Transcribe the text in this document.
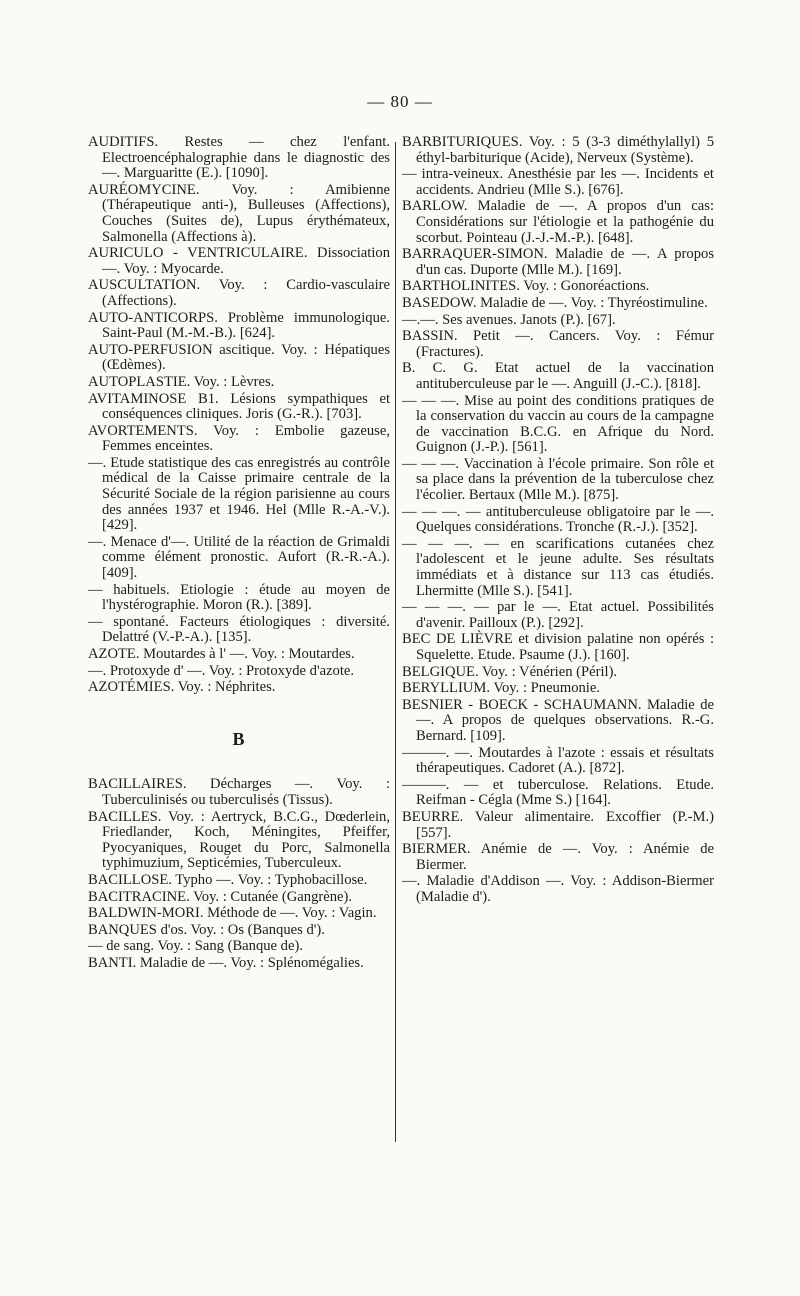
— 80 —
AUDITIFS. Restes — chez l'enfant. Electroencéphalographie dans le diagnostic des —. Marguaritte (E.). [1090].
AURÉOMYCINE. Voy. : Amibienne (Thérapeutique anti-), Bulleuses (Affections), Couches (Suites de), Lupus érythémateux, Salmonella (Affections à).
AURICULO - VENTRICULAIRE. Dissociation —. Voy. : Myocarde.
AUSCULTATION. Voy. : Cardio-vasculaire (Affections).
AUTO-ANTICORPS. Problème immunologique. Saint-Paul (M.-M.-B.). [624].
AUTO-PERFUSION ascitique. Voy. : Hépatiques (Œdèmes).
AUTOPLASTIE. Voy. : Lèvres.
AVITAMINOSE B1. Lésions sympathiques et conséquences cliniques. Joris (G.-R.). [703].
AVORTEMENTS. Voy. : Embolie gazeuse, Femmes enceintes.
—. Etude statistique des cas enregistrés au contrôle médical de la Caisse primaire centrale de la Sécurité Sociale de la région parisienne au cours des années 1937 et 1946. Hel (Mlle R.-A.-V.). [429].
—. Menace d'—. Utilité de la réaction de Grimaldi comme élément pronostic. Aufort (R.-R.-A.). [409].
— habituels. Etiologie : étude au moyen de l'hystérographie. Moron (R.). [389].
— spontané. Facteurs étiologiques : diversité. Delattré (V.-P.-A.). [135].
AZOTE. Moutardes à l' —. Voy. : Moutardes.
—. Protoxyde d' —. Voy. : Protoxyde d'azote.
AZOTÉMIES. Voy. : Néphrites.
B
BACILLAIRES. Décharges —. Voy. : Tuberculinisés ou tuberculisés (Tissus).
BACILLES. Voy. : Aertryck, B.C.G., Dœderlein, Friedlander, Koch, Méningites, Pfeiffer, Pyocyaniques, Rouget du Porc, Salmonella typhimuzium, Septicémies, Tuberculeux.
BACILLOSE. Typho —. Voy. : Typhobacillose.
BACITRACINE. Voy. : Cutanée (Gangrène).
BALDWIN-MORI. Méthode de —. Voy. : Vagin.
BANQUES d'os. Voy. : Os (Banques d').
— de sang. Voy. : Sang (Banque de).
BANTI. Maladie de —. Voy. : Splénomégalies.
BARBITURIQUES. Voy. : 5 (3-3 diméthylallyl) 5 éthyl-barbiturique (Acide), Nerveux (Système).
— intra-veineux. Anesthésie par les —. Incidents et accidents. Andrieu (Mlle S.). [676].
BARLOW. Maladie de —. A propos d'un cas: Considérations sur l'étiologie et la pathogénie du scorbut. Pointeau (J.-J.-M.-P.). [648].
BARRAQUER-SIMON. Maladie de —. A propos d'un cas. Duporte (Mlle M.). [169].
BARTHOLINITES. Voy. : Gonoréactions.
BASEDOW. Maladie de —. Voy. : Thyréostimuline.
—.—. Ses avenues. Janots (P.). [67].
BASSIN. Petit —. Cancers. Voy. : Fémur (Fractures).
B. C. G. Etat actuel de la vaccination antituberculeuse par le —. Anguill (J.-C.). [818].
— — —. Mise au point des conditions pratiques de la conservation du vaccin au cours de la campagne de vaccination B.C.G. en Afrique du Nord. Guignon (J.-P.). [561].
— — —. Vaccination à l'école primaire. Son rôle et sa place dans la prévention de la tuberculose chez l'écolier. Bertaux (Mlle M.). [875].
— — —. — antituberculeuse obligatoire par le —. Quelques considérations. Tronche (R.-J.). [352].
— — —. — en scarifications cutanées chez l'adolescent et le jeune adulte. Ses résultats immédiats et à distance sur 113 cas étudiés. Lhermitte (Mlle S.). [541].
— — —. — par le —. Etat actuel. Possibilités d'avenir. Pailloux (P.). [292].
BEC DE LIÈVRE et division palatine non opérés : Squelette. Etude. Psaume (J.). [160].
BELGIQUE. Voy. : Vénérien (Péril).
BERYLLIUM. Voy. : Pneumonie.
BESNIER - BOECK - SCHAUMANN. Maladie de —. A propos de quelques observations. R.-G. Bernard. [109].
———. —. Moutardes à l'azote : essais et résultats thérapeutiques. Cadoret (A.). [872].
———. — et tuberculose. Relations. Etude. Reifman - Cégla (Mme S.) [164].
BEURRE. Valeur alimentaire. Excoffier (P.-M.) [557].
BIERMER. Anémie de —. Voy. : Anémie de Biermer.
—. Maladie d'Addison —. Voy. : Addison-Biermer (Maladie d').
